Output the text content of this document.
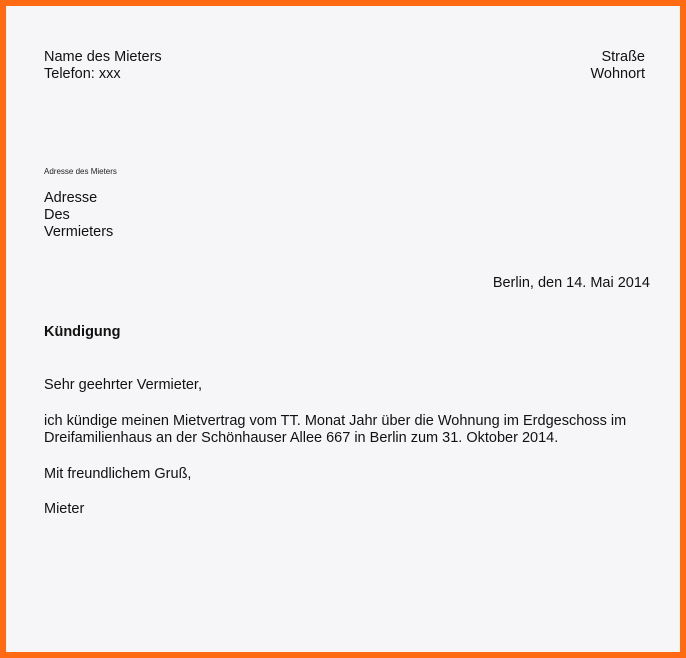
Name des Mieters
Telefon: xxx
Straße
Wohnort
Adresse des Mieters
Adresse
Des
Vermieters
Berlin, den 14. Mai 2014
Kündigung
Sehr geehrter Vermieter,
ich kündige meinen Mietvertrag vom TT. Monat Jahr über die Wohnung im Erdgeschoss im
Dreifamilienhaus an der Schönhauser Allee 667 in Berlin zum 31. Oktober 2014.
Mit freundlichem Gruß,
Mieter
